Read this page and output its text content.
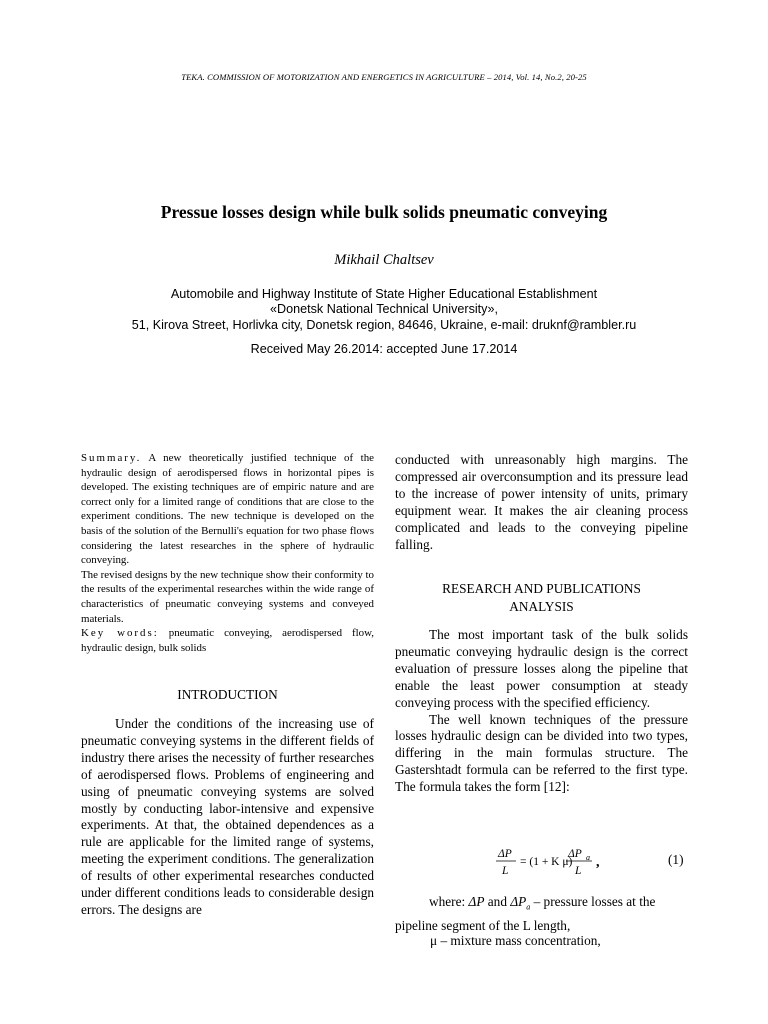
TEKA. COMMISSION OF MOTORIZATION AND ENERGETICS IN AGRICULTURE – 2014, Vol. 14, No.2, 20-25
Pressue losses design while bulk solids pneumatic conveying
Mikhail Chaltsev
Automobile and Highway Institute of State Higher Educational Establishment
«Donetsk National Technical University»,
51, Kirova Street, Horlivka city, Donetsk region, 84646, Ukraine, e-mail: druknf@rambler.ru
Received May 26.2014: accepted June 17.2014

Summary. A new theoretically justified technique of the hydraulic design of aerodispersed flows in horizontal pipes is developed. The existing techniques are of empiric nature and are correct only for a limited range of conditions that are close to the experiment conditions. The new technique is developed on the basis of the solution of the Bernulli's equation for two phase flows considering the latest researches in the sphere of hydraulic conveying.

The revised designs by the new technique show their conformity to the results of the experimental researches within the wide range of characteristics of pneumatic conveying systems and conveyed materials.

Key words: pneumatic conveying, aerodispersed flow, hydraulic design, bulk solids

INTRODUCTION

Under the conditions of the increasing use of pneumatic conveying systems in the different fields of industry there arises the necessity of further researches of aerodispersed flows. Problems of engineering and using of pneumatic conveying systems are solved mostly by conducting labor-intensive and expensive experiments. At that, the obtained dependences as a rule are applicable for the limited range of systems, meeting the experiment conditions. The generalization of results of other experimental researches conducted under different conditions leads to considerable design errors. The designs are

conducted with unreasonably high margins. The compressed air overconsumption and its pressure lead to the increase of power intensity of units, primary equipment wear. It makes the air cleaning process complicated and leads to the conveying pipeline falling.

RESEARCH AND PUBLICATIONS
ANALYSIS

The most important task of the bulk solids pneumatic conveying hydraulic design is the correct evaluation of pressure losses along the pipeline that enable the least power consumption at steady conveying process with the specified efficiency.

The well known techniques of the pressure losses hydraulic design can be divided into two types, differing in the main formulas structure. The Gastershtadt formula can be referred to the first type. The formula takes the form [12]:

ΔP
L
= (1 + K μ)
ΔP a
L
,	(1)

where: ΔP and $\Delta P_a$ – pressure losses at the pipeline segment of the L length,

μ – mixture mass concentration,
